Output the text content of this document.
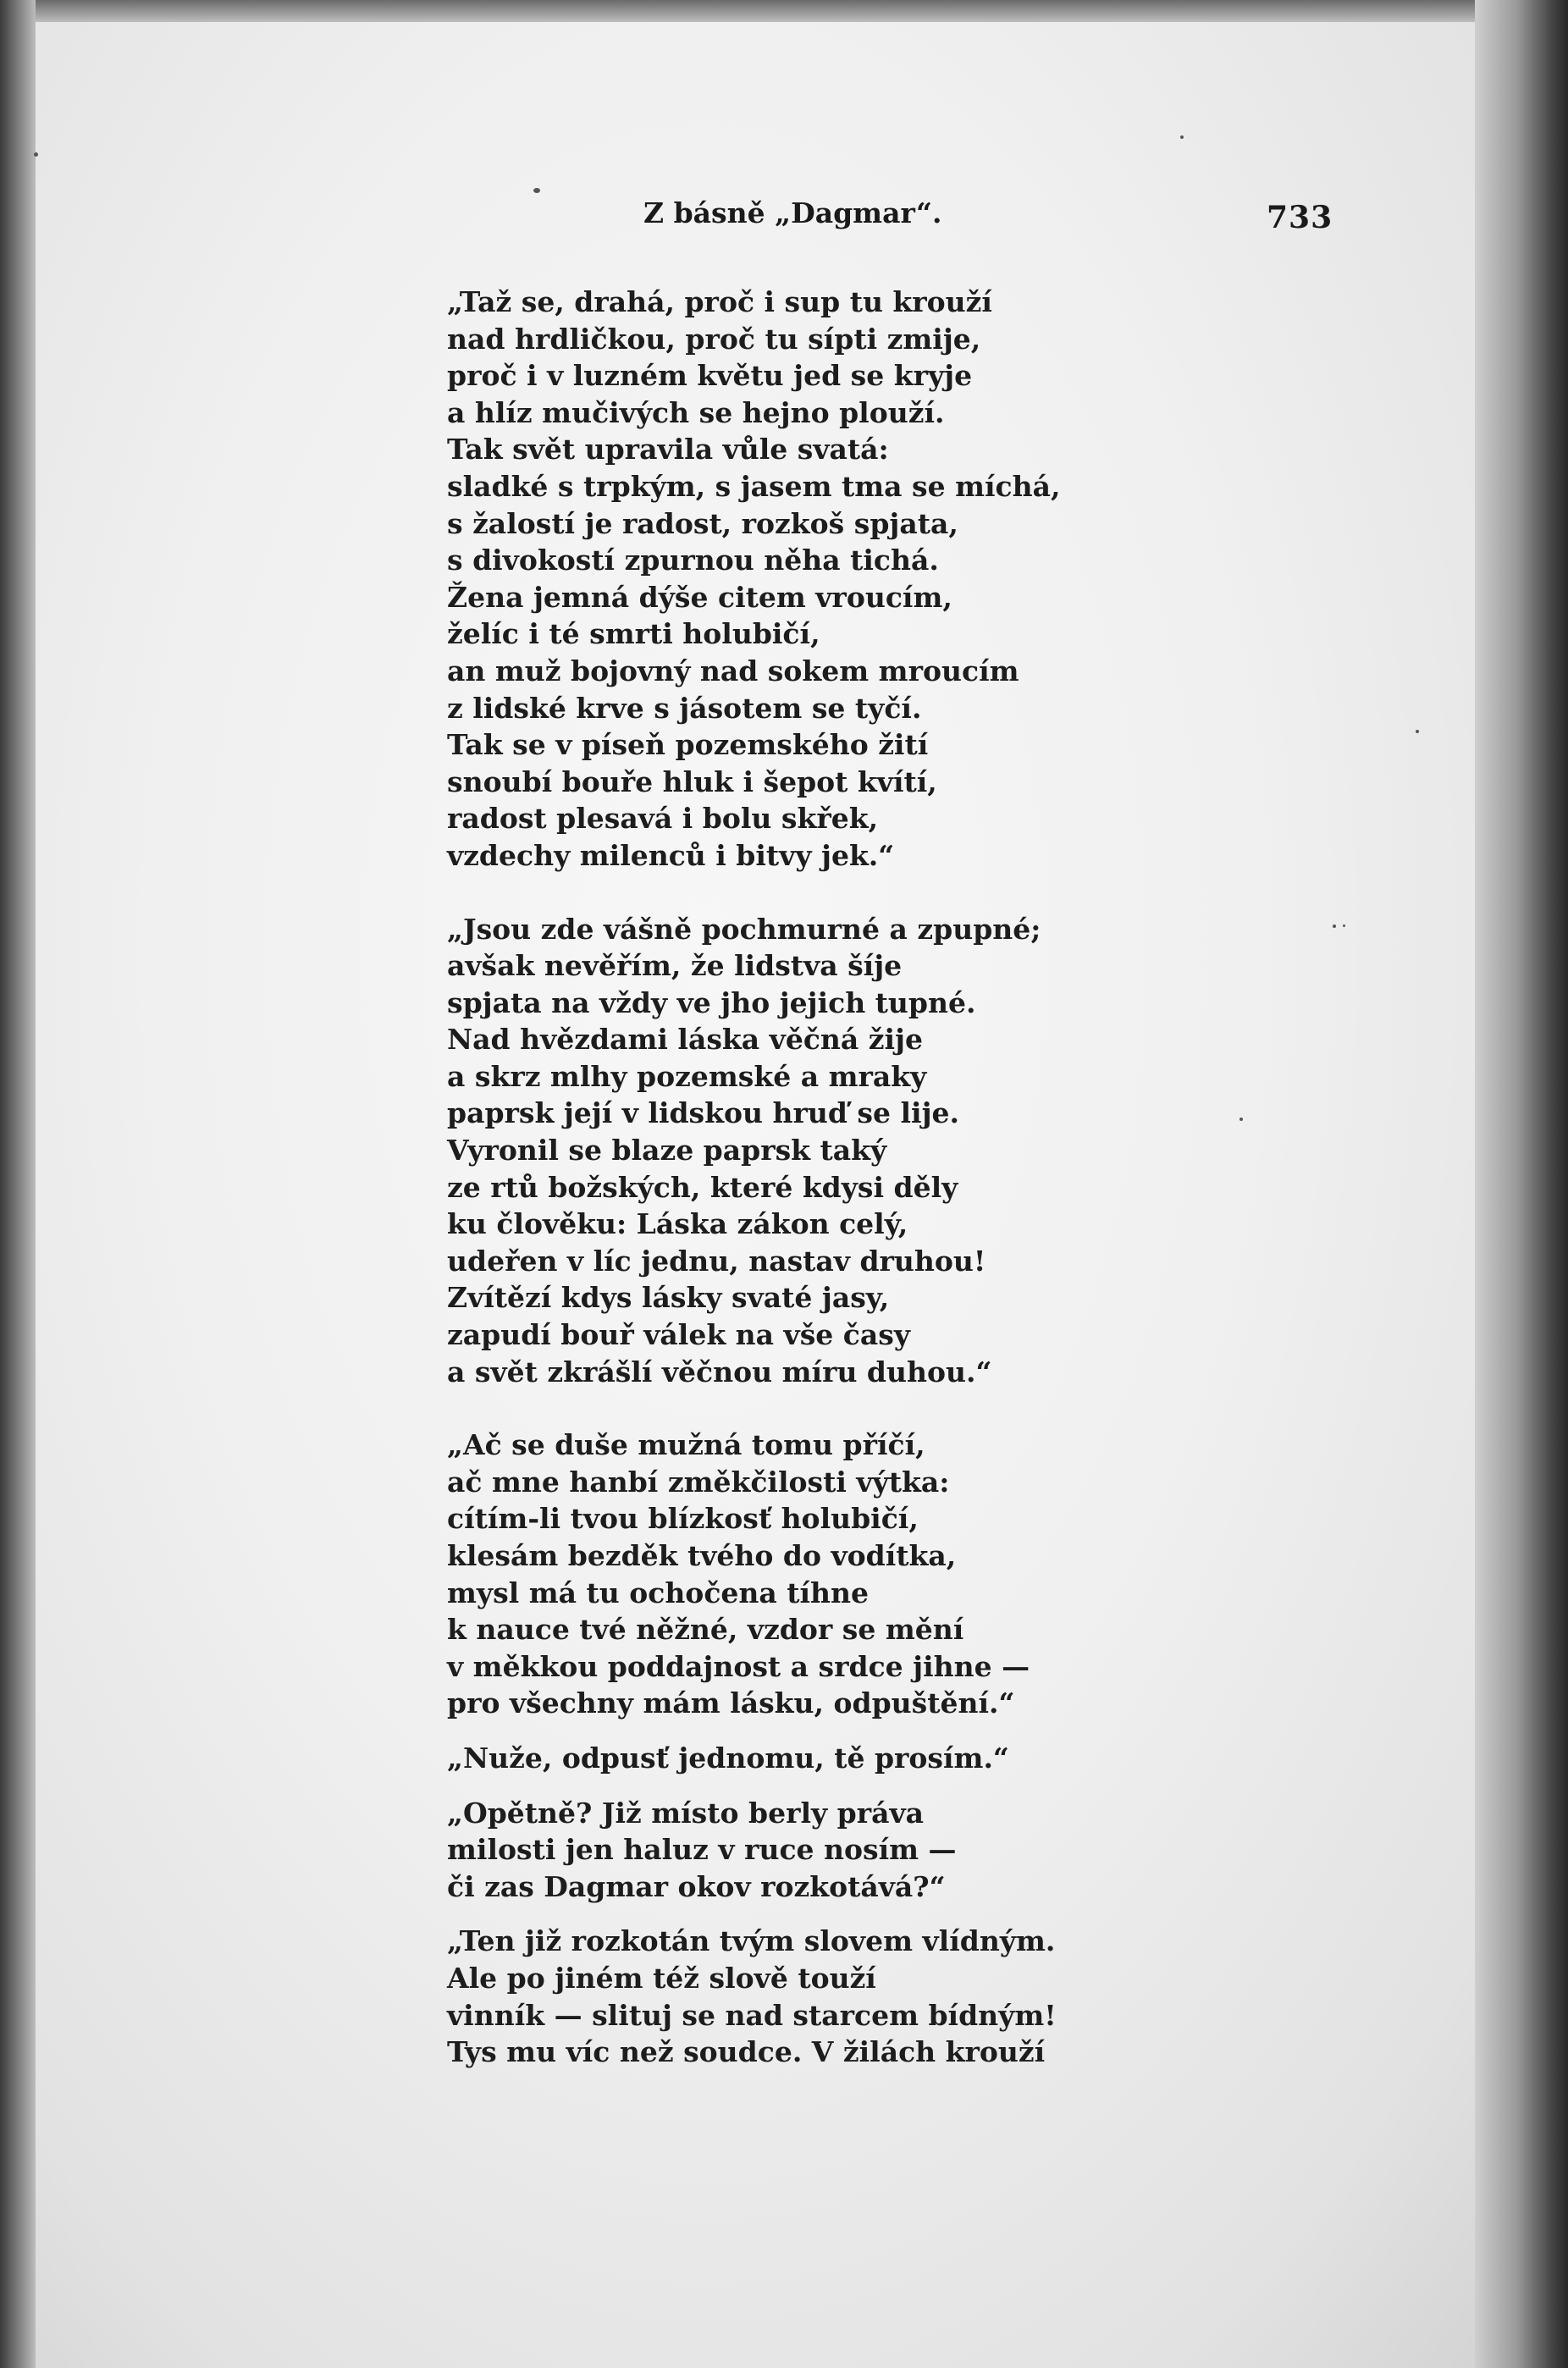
Z básně „Dagmar“.	733
„Taž se, drahá, proč i sup tu krouží
nad hrdličkou, proč tu sípti zmije,
proč i v luzném květu jed se kryje
a hlíz mučivých se hejno plouží.
Tak svět upravila vůle svatá:
sladké s trpkým, s jasem tma se míchá,
s žalostí je radost, rozkoš spjata,
s divokostí zpurnou něha tichá.
Žena jemná dýše citem vroucím,
želíc i té smrti holubičí,
an muž bojovný nad sokem mroucím
z lidské krve s jásotem se tyčí.
Tak se v píseň pozemského žití
snoubí bouře hluk i šepot kvítí,
radost plesavá i bolu skřek,
vzdechy milenců i bitvy jek.“
„Jsou zde vášně pochmurné a zpupné;
avšak nevěřím, že lidstva šíje
spjata na vždy ve jho jejich tupné.
Nad hvězdami láska věčná žije
a skrz mlhy pozemské a mraky
paprsk její v lidskou hruď se lije.
Vyronil se blaze paprsk taký
ze rtů božských, které kdysi děly
ku člověku: Láska zákon celý,
udeřen v líc jednu, nastav druhou!
Zvítězí kdys lásky svaté jasy,
zapudí bouř válek na vše časy
a svět zkrášlí věčnou míru duhou.“
„Ač se duše mužná tomu příčí,
ač mne hanbí změkčilosti výtka:
cítím-li tvou blízkosť holubičí,
klesám bezděk tvého do vodítka,
mysl má tu ochočena tíhne
k nauce tvé něžné, vzdor se mění
v měkkou poddajnost a srdce jihne —
pro všechny mám lásku, odpuštění.“
„Nuže, odpusť jednomu, tě prosím.“
„Opětně? Již místo berly práva
milosti jen haluz v ruce nosím —
či zas Dagmar okov rozkotává?“
„Ten již rozkotán tvým slovem vlídným.
Ale po jiném též slově touží
vinník — slituj se nad starcem bídným!
Tys mu víc než soudce. V žilách krouží
